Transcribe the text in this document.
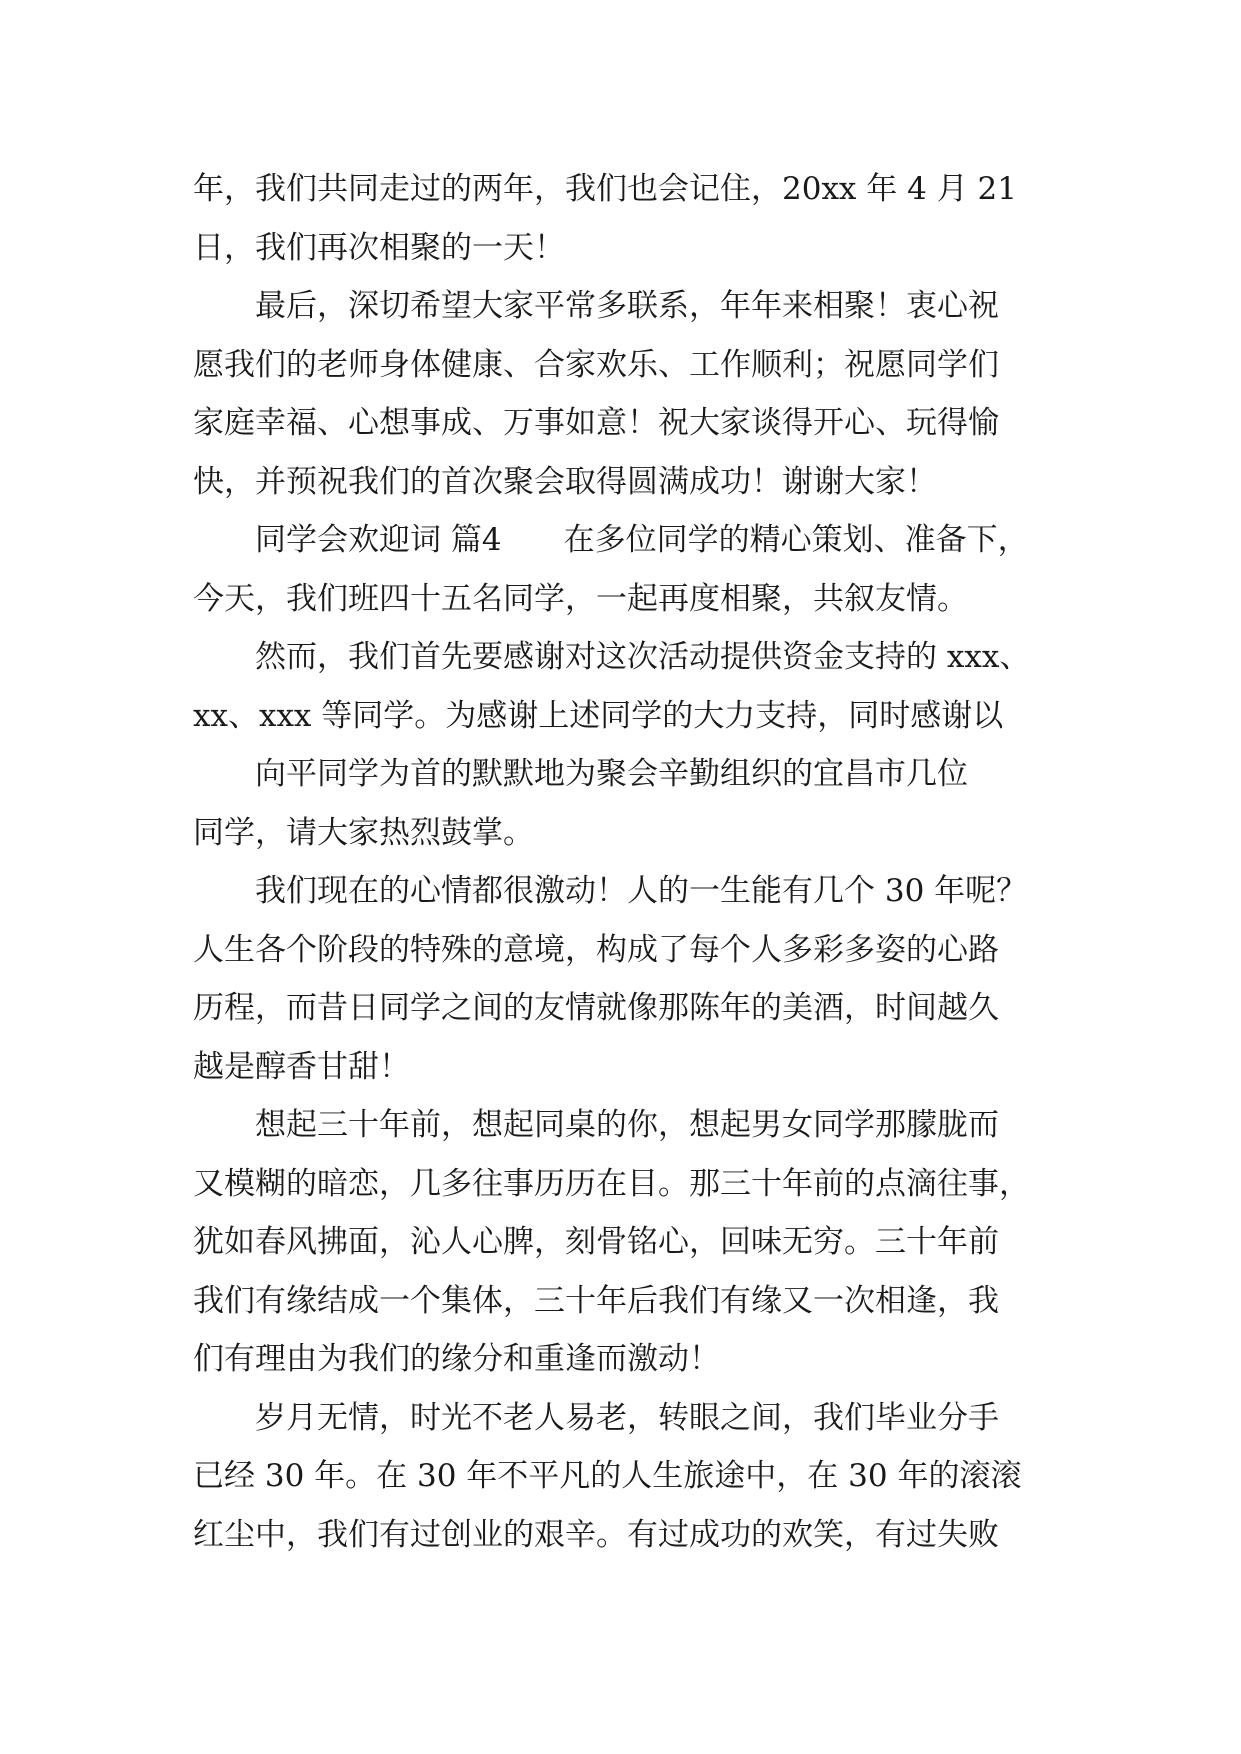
年，我们共同走过的两年，我们也会记住，20xx 年 4 月 21
日，我们再次相聚的一天！
最后，深切希望大家平常多联系，年年来相聚！衷心祝
愿我们的老师身体健康、合家欢乐、工作顺利；祝愿同学们
家庭幸福、心想事成、万事如意！祝大家谈得开心、玩得愉
快，并预祝我们的首次聚会取得圆满成功！谢谢大家！
同学会欢迎词 篇4 在多位同学的精心策划、准备下，
今天，我们班四十五名同学，一起再度相聚，共叙友情。
然而，我们首先要感谢对这次活动提供资金支持的 xxx、
xx、xxx 等同学。为感谢上述同学的大力支持，同时感谢以
向平同学为首的默默地为聚会辛勤组织的宜昌市几位
同学，请大家热烈鼓掌。
我们现在的心情都很激动！人的一生能有几个 30 年呢？
人生各个阶段的特殊的意境，构成了每个人多彩多姿的心路
历程，而昔日同学之间的友情就像那陈年的美酒，时间越久
越是醇香甘甜！
想起三十年前，想起同桌的你，想起男女同学那朦胧而
又模糊的暗恋，几多往事历历在目。那三十年前的点滴往事，
犹如春风拂面，沁人心脾，刻骨铭心，回味无穷。三十年前
我们有缘结成一个集体，三十年后我们有缘又一次相逢，我
们有理由为我们的缘分和重逢而激动！
岁月无情，时光不老人易老，转眼之间，我们毕业分手
已经 30 年。在 30 年不平凡的人生旅途中，在 30 年的滚滚
红尘中，我们有过创业的艰辛。有过成功的欢笑，有过失败
